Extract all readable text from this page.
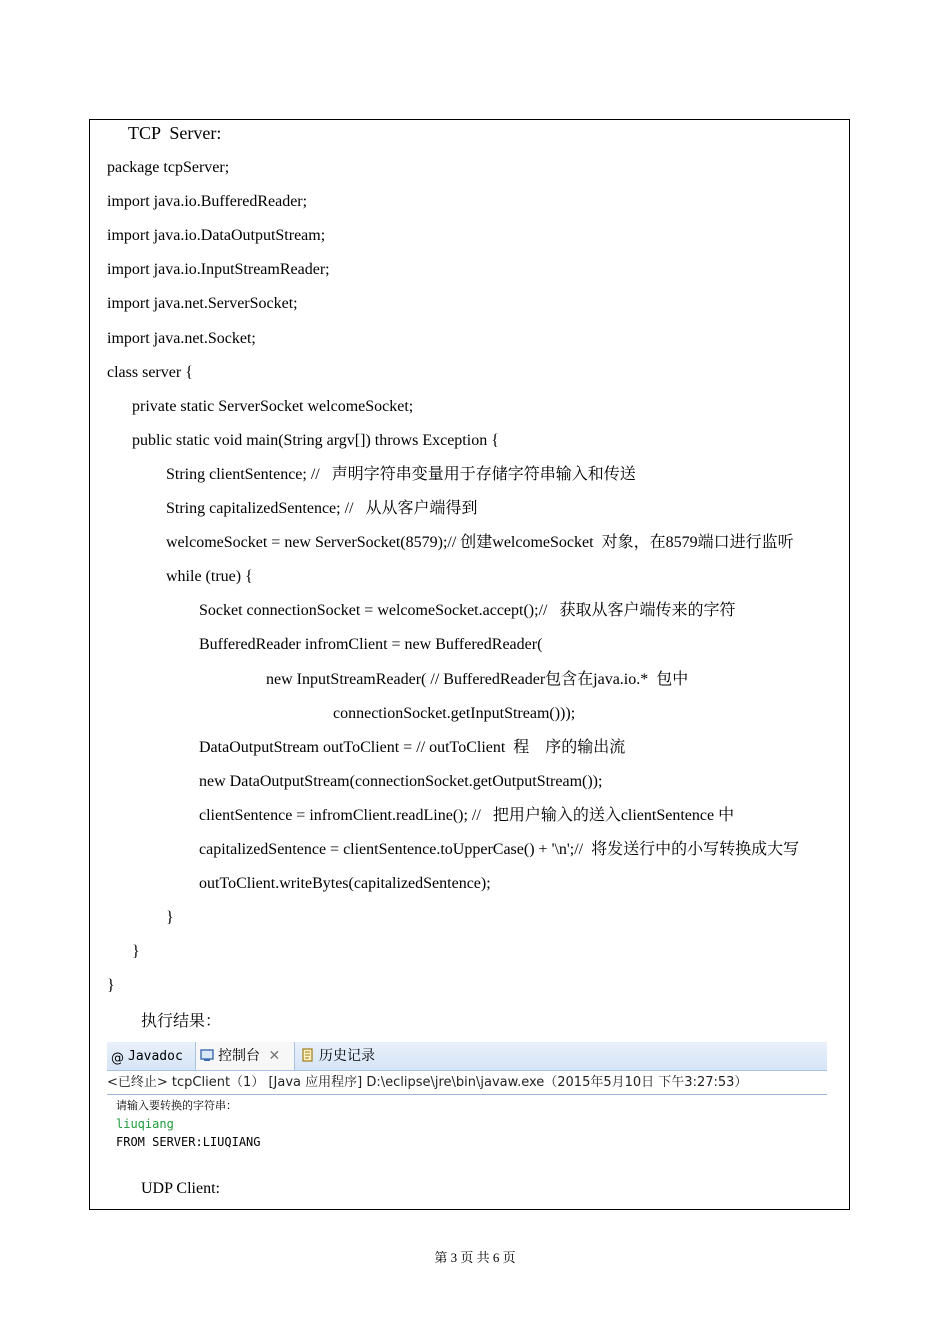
TCP  Server:
package tcpServer;
import java.io.BufferedReader;
import java.io.DataOutputStream;
import java.io.InputStreamReader;
import java.net.ServerSocket;
import java.net.Socket;
class server {
private static ServerSocket welcomeSocket;
public static void main(String argv[]) throws Exception {
String clientSentence; //   声明字符串变量用于存储字符串输入和传送
String capitalizedSentence; //   从从客户端得到
welcomeSocket = new ServerSocket(8579);// 创建welcomeSocket  对象，在8579端口进行监听
while (true) {
Socket connectionSocket = welcomeSocket.accept();//   获取从客户端传来的字符
BufferedReader infromClient = new BufferedReader(
new InputStreamReader( // BufferedReader包含在java.io.*  包中
connectionSocket.getInputStream()));
DataOutputStream outToClient = // outToClient  程    序的输出流
new DataOutputStream(connectionSocket.getOutputStream());
clientSentence = infromClient.readLine(); //   把用户输入的送入clientSentence 中
capitalizedSentence = clientSentence.toUpperCase() + '\n';//  将发送行中的小写转换成大写
outToClient.writeBytes(capitalizedSentence);
}
}
}
执行结果：
@ Javadoc	控制台 ✕	历史记录
<已终止> tcpClient（1） [Java 应用程序] D:\eclipse\jre\bin\javaw.exe（2015年5月10日 下午3:27:53）
请输入要转换的字符串：
liuqiang
FROM SERVER:LIUQIANG
UDP Client:
第 3 页 共 6 页
